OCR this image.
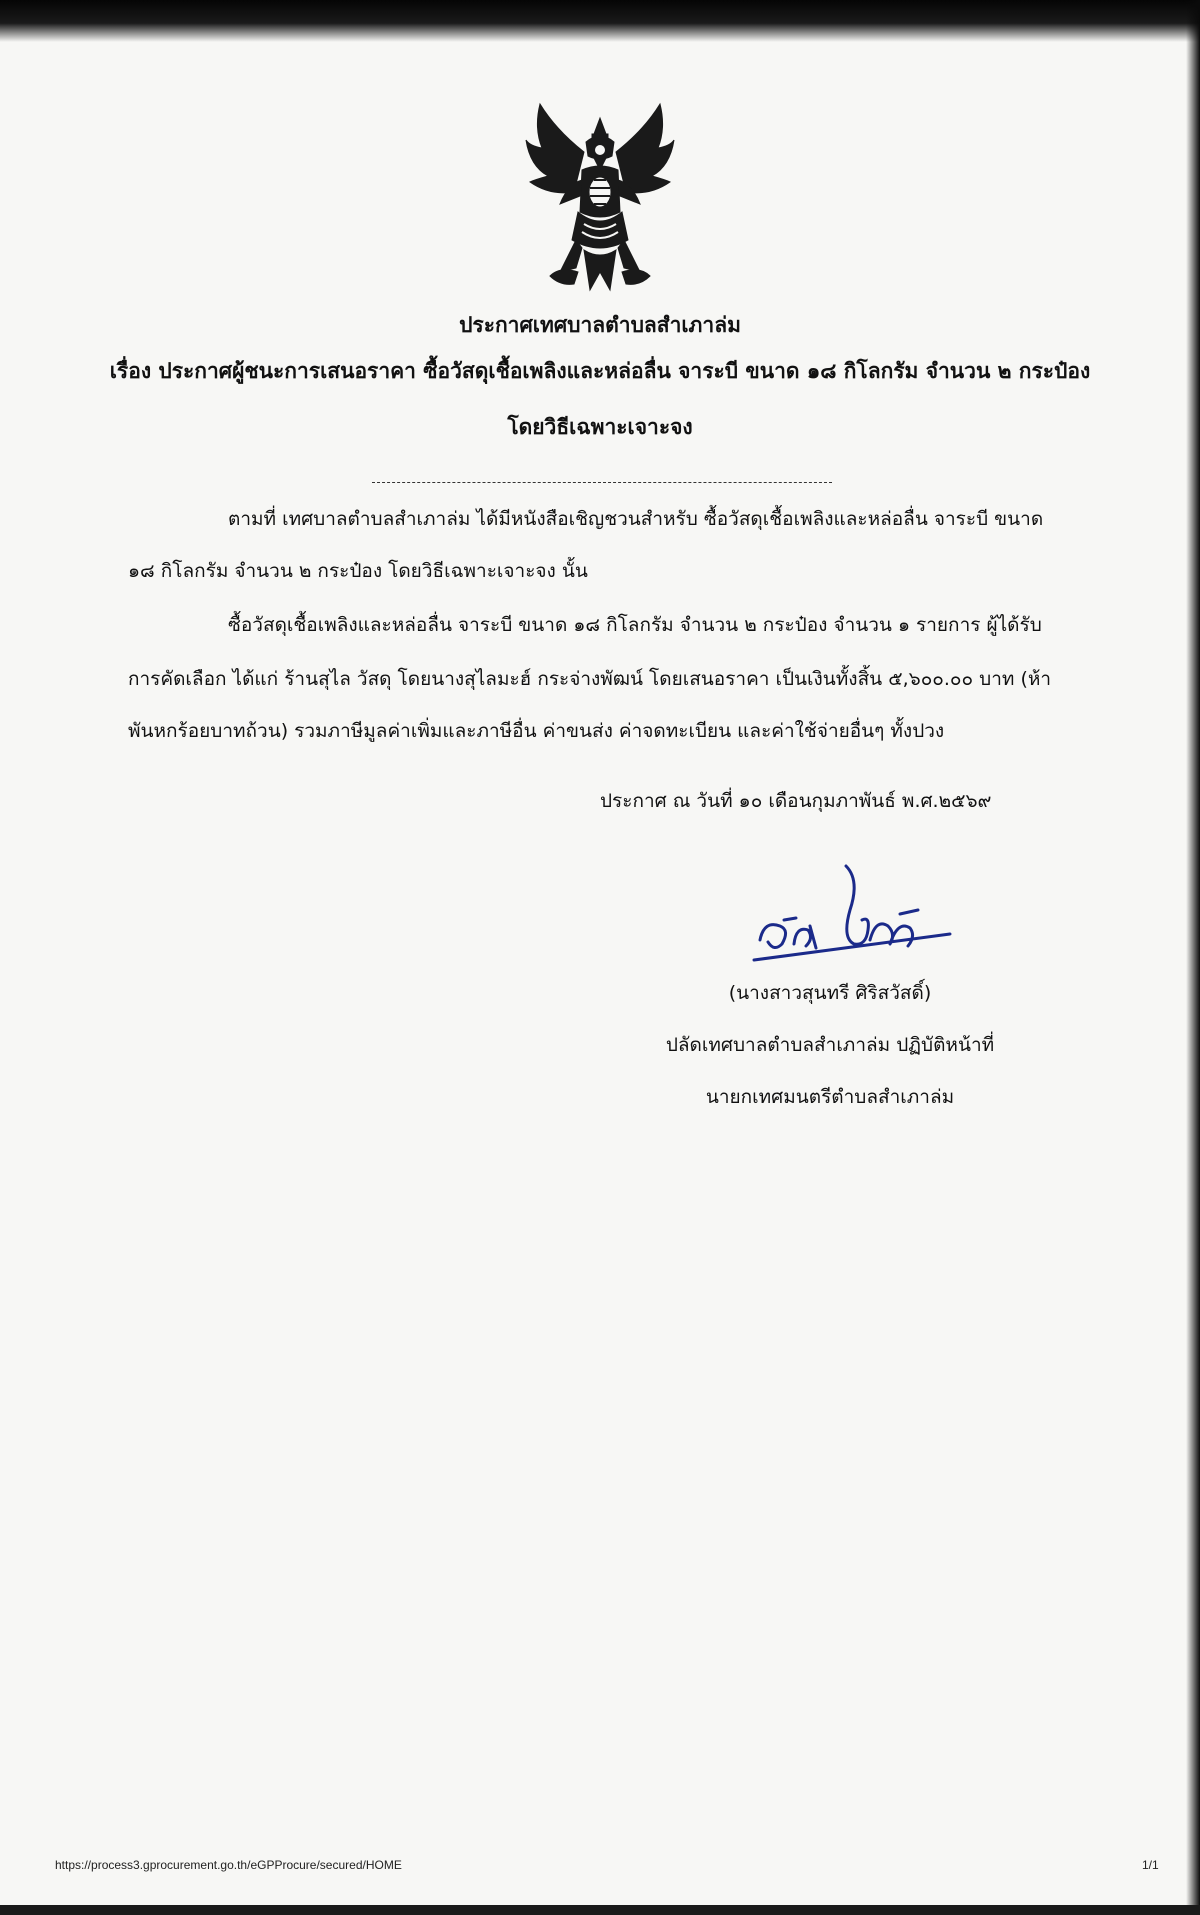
ประกาศเทศบาลตำบลสำเภาล่ม
เรื่อง ประกาศผู้ชนะการเสนอราคา ซื้อวัสดุเชื้อเพลิงและหล่อลื่น จาระบี ขนาด ๑๘ กิโลกรัม จำนวน ๒ กระป๋อง
โดยวิธีเฉพาะเจาะจง
ตามที่ เทศบาลตำบลสำเภาล่ม ได้มีหนังสือเชิญชวนสำหรับ ซื้อวัสดุเชื้อเพลิงและหล่อลื่น จาระบี ขนาด
๑๘ กิโลกรัม จำนวน ๒ กระป๋อง โดยวิธีเฉพาะเจาะจง นั้น
ซื้อวัสดุเชื้อเพลิงและหล่อลื่น จาระบี ขนาด ๑๘ กิโลกรัม จำนวน ๒ กระป๋อง จำนวน ๑ รายการ ผู้ได้รับ
การคัดเลือก ได้แก่ ร้านสุไล วัสดุ โดยนางสุไลมะฮ์ กระจ่างพัฒน์ โดยเสนอราคา เป็นเงินทั้งสิ้น ๕,๖๐๐.๐๐ บาท (ห้า
พันหกร้อยบาทถ้วน) รวมภาษีมูลค่าเพิ่มและภาษีอื่น ค่าขนส่ง ค่าจดทะเบียน และค่าใช้จ่ายอื่นๆ ทั้งปวง
ประกาศ ณ วันที่ ๑๐ เดือนกุมภาพันธ์ พ.ศ.๒๕๖๙
(นางสาวสุนทรี ศิริสวัสดิ์)
ปลัดเทศบาลตำบลสำเภาล่ม ปฏิบัติหน้าที่
นายกเทศมนตรีตำบลสำเภาล่ม
https://process3.gprocurement.go.th/eGPProcure/secured/HOME	1/1
